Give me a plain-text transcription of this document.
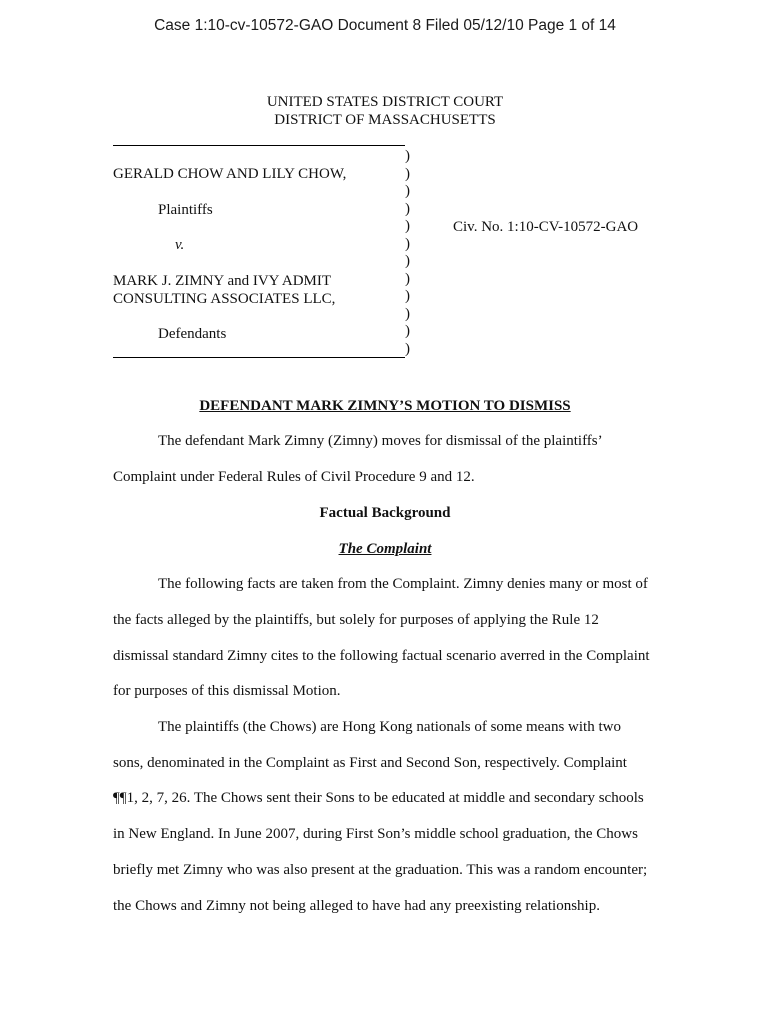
Case 1:10-cv-10572-GAO Document 8 Filed 05/12/10 Page 1 of 14
UNITED STATES DISTRICT COURT
DISTRICT OF MASSACHUSETTS
GERALD CHOW AND LILY CHOW,
Plaintiffs
v.
MARK J. ZIMNY and IVY ADMIT
CONSULTING ASSOCIATES LLC,
Defendants
)
)
)
)
)
)
)
)
)
)
)
)
Civ. No. 1:10-CV-10572-GAO
DEFENDANT MARK ZIMNY’S MOTION TO DISMISS
The defendant Mark Zimny (Zimny) moves for dismissal of the plaintiffs’
Complaint under Federal Rules of Civil Procedure 9 and 12.
Factual Background
The Complaint
The following facts are taken from the Complaint. Zimny denies many or most of
the facts alleged by the plaintiffs, but solely for purposes of applying the Rule 12
dismissal standard Zimny cites to the following factual scenario averred in the Complaint
for purposes of this dismissal Motion.
The plaintiffs (the Chows) are Hong Kong nationals of some means with two
sons, denominated in the Complaint as First and Second Son, respectively. Complaint
¶¶1, 2, 7, 26. The Chows sent their Sons to be educated at middle and secondary schools
in New England. In June 2007, during First Son’s middle school graduation, the Chows
briefly met Zimny who was also present at the graduation. This was a random encounter;
the Chows and Zimny not being alleged to have had any preexisting relationship.
